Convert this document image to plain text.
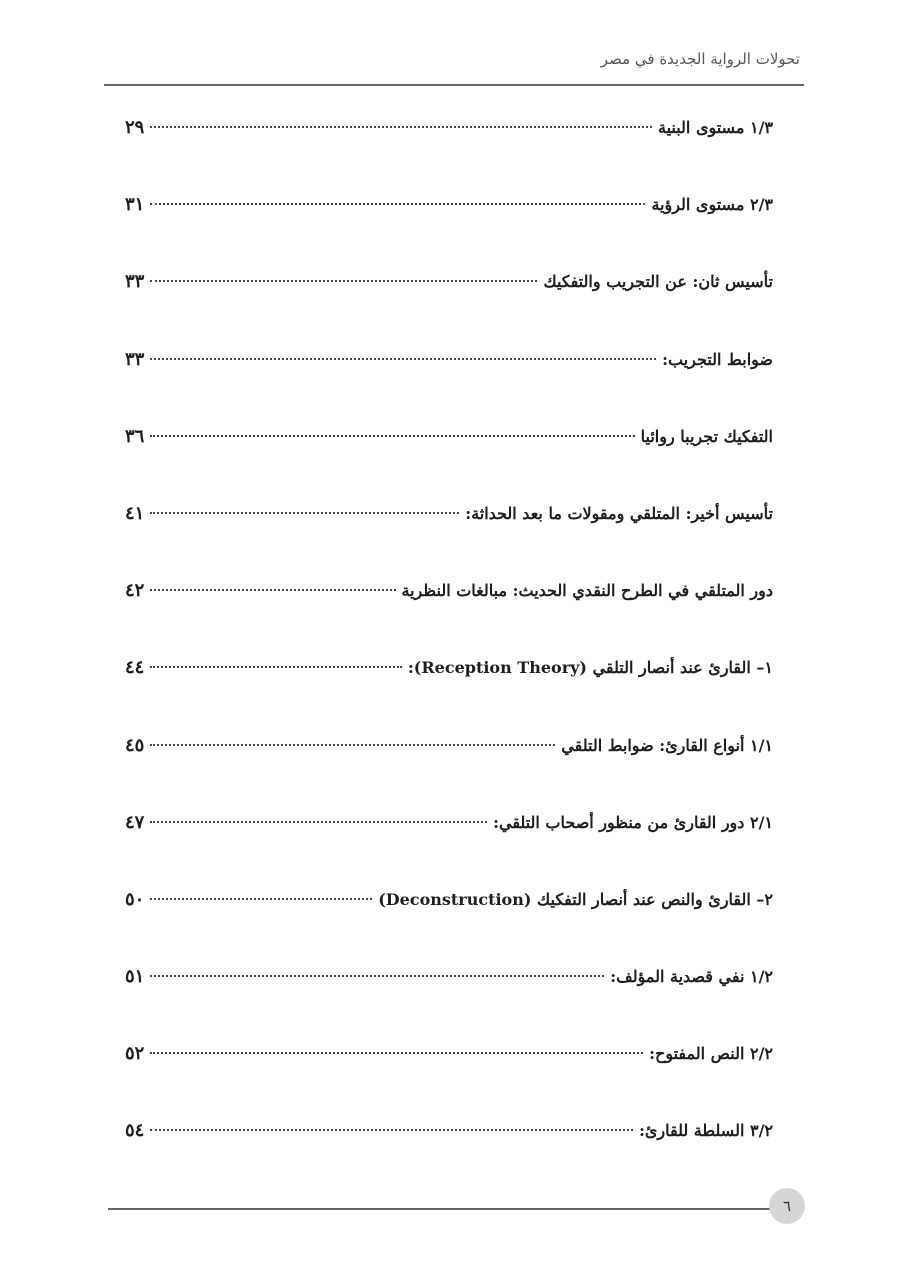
تحولات الرواية الجديدة في مصر
١/٣ مستوى البنية
٢٩
٢/٣ مستوى الرؤية
٣١
تأسيس ثان: عن التجريب والتفكيك
٣٣
ضوابط التجريب:
٣٣
التفكيك تجريبا روائيا
٣٦
تأسيس أخير: المتلقي ومقولات ما بعد الحداثة:
٤١
دور المتلقي في الطرح النقدي الحديث: مبالغات النظرية
٤٢
١– القارئ عند أنصار التلقي (Reception Theory):
٤٤
١/١ أنواع القارئ: ضوابط التلقي
٤٥
٢/١ دور القارئ من منظور أصحاب التلقي:
٤٧
٢– القارئ والنص عند أنصار التفكيك (Deconstruction)
٥٠
١/٢ نفي قصدية المؤلف:
٥١
٢/٢ النص المفتوح:
٥٢
٣/٢ السلطة للقارئ:
٥٤
٦
